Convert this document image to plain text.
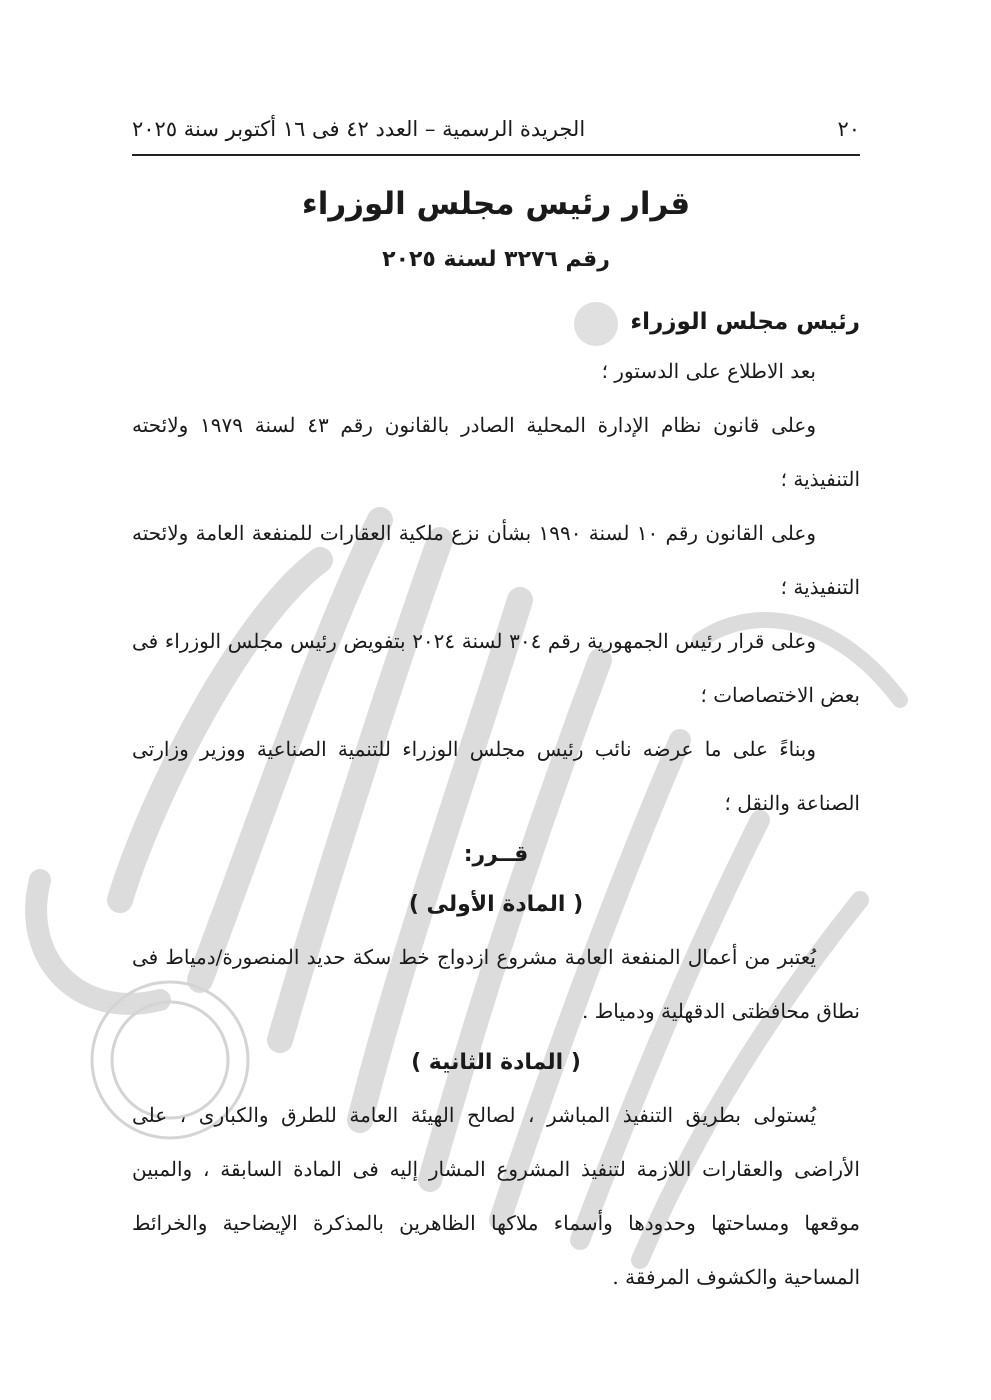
٢٠
الجريدة الرسمية – العدد ٤٢ فى ١٦ أكتوبر سنة ٢٠٢٥
قرار رئيس مجلس الوزراء
رقم ٣٢٧٦ لسنة ٢٠٢٥
رئيس مجلس الوزراء

بعد الاطلاع على الدستور ؛

وعلى قانون نظام الإدارة المحلية الصادر بالقانون رقم ٤٣ لسنة ١٩٧٩ ولائحته التنفيذية ؛

وعلى القانون رقم ١٠ لسنة ١٩٩٠ بشأن نزع ملكية العقارات للمنفعة العامة ولائحته التنفيذية ؛

وعلى قرار رئيس الجمهورية رقم ٣٠٤ لسنة ٢٠٢٤ بتفويض رئيس مجلس الوزراء فى بعض الاختصاصات ؛

وبناءً على ما عرضه نائب رئيس مجلس الوزراء للتنمية الصناعية ووزير وزارتى الصناعة والنقل ؛

قــرر:
( المادة الأولى )

يُعتبر من أعمال المنفعة العامة مشروع ازدواج خط سكة حديد المنصورة/دمياط فى نطاق محافظتى الدقهلية ودمياط .

( المادة الثانية )

يُستولى بطريق التنفيذ المباشر ، لصالح الهيئة العامة للطرق والكبارى ، على الأراضى والعقارات اللازمة لتنفيذ المشروع المشار إليه فى المادة السابقة ، والمبين موقعها ومساحتها وحدودها وأسماء ملاكها الظاهرين بالمذكرة الإيضاحية والخرائط المساحية والكشوف المرفقة .
